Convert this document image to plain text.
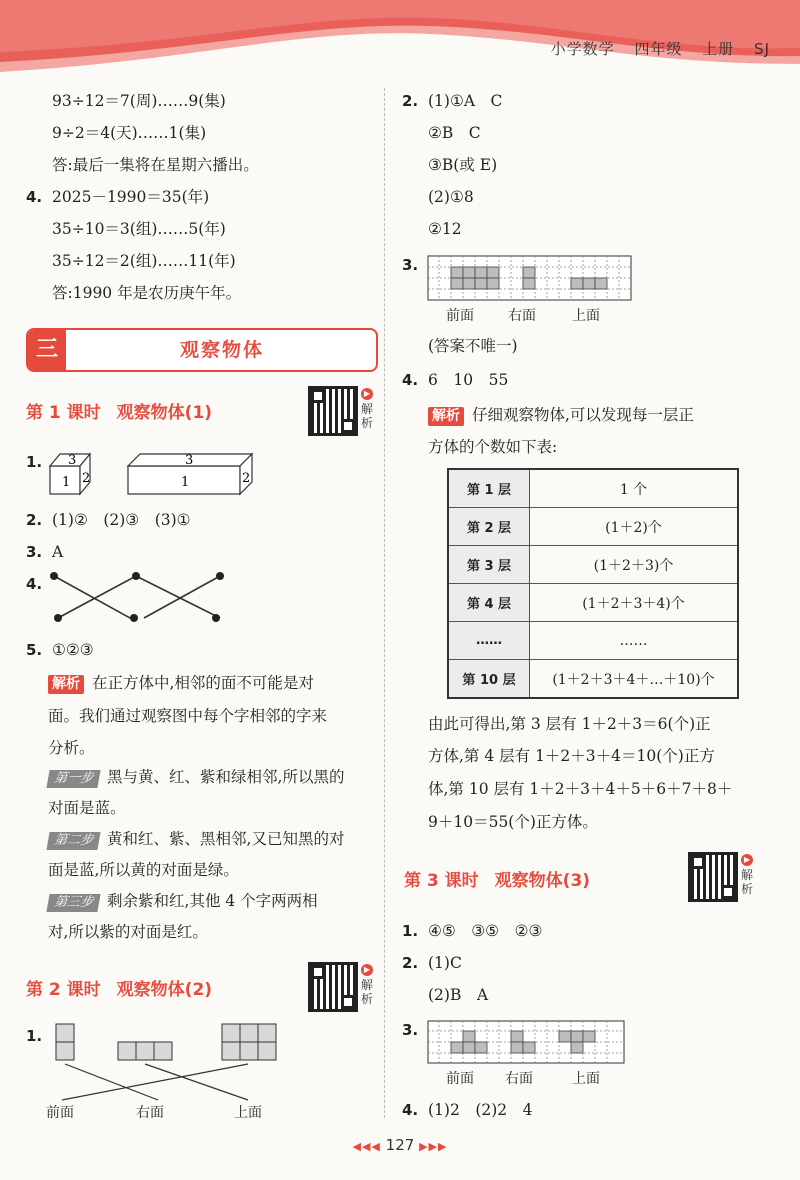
小学数学 四年级 上册 SJ
93÷12＝7(周)……9(集)
9÷2＝4(天)……1(集)
答:最后一集将在星期六播出。
4. 2025－1990＝35(年)
35÷10＝3(组)……5(年)
35÷12＝2(组)……11(年)
答:1990 年是农历庚午年。
三	观察物体
第 1 课时 观察物体(1)
▶
解析
1. 3
1 2
3
1	2
2. (1)②　(2)③　(3)①
3. A
4.
5. ①②③
解析 在正方体中,相邻的面不可能是对
面。我们通过观察图中每个字相邻的字来
分析。
第一步 黑与黄、红、紫和绿相邻,所以黑的
对面是蓝。
第二步 黄和红、紫、黑相邻,又已知黑的对
面是蓝,所以黄的对面是绿。
第三步 剩余紫和红,其他 4 个字两两相
对,所以紫的对面是红。
第 2 课时 观察物体(2)
▶
解析
1.
前面	右面	上面
2. (1)①A　C
②B　C
③B(或 E)
(2)①8
②12
3.
前面 右面	上面
(答案不唯一)
4. 6　10　55
解析 仔细观察物体,可以发现每一层正
方体的个数如下表:
第 1 层	1 个
第 2 层	(1＋2)个
第 3 层	(1＋2＋3)个
第 4 层	(1＋2＋3＋4)个
……	……
第 10 层	(1＋2＋3＋4＋…＋10)个
由此可得出,第 3 层有 1＋2＋3＝6(个)正
方体,第 4 层有 1＋2＋3＋4＝10(个)正方
体,第 10 层有 1＋2＋3＋4＋5＋6＋7＋8＋
9＋10＝55(个)正方体。
第 3 课时 观察物体(3)
▶
解析
1. ④⑤　③⑤　②③
2. (1)C
(2)B　A
3.
前面 右面	上面
4. (1)2　(2)2　4
◀◀◀ 127 ▶▶▶
